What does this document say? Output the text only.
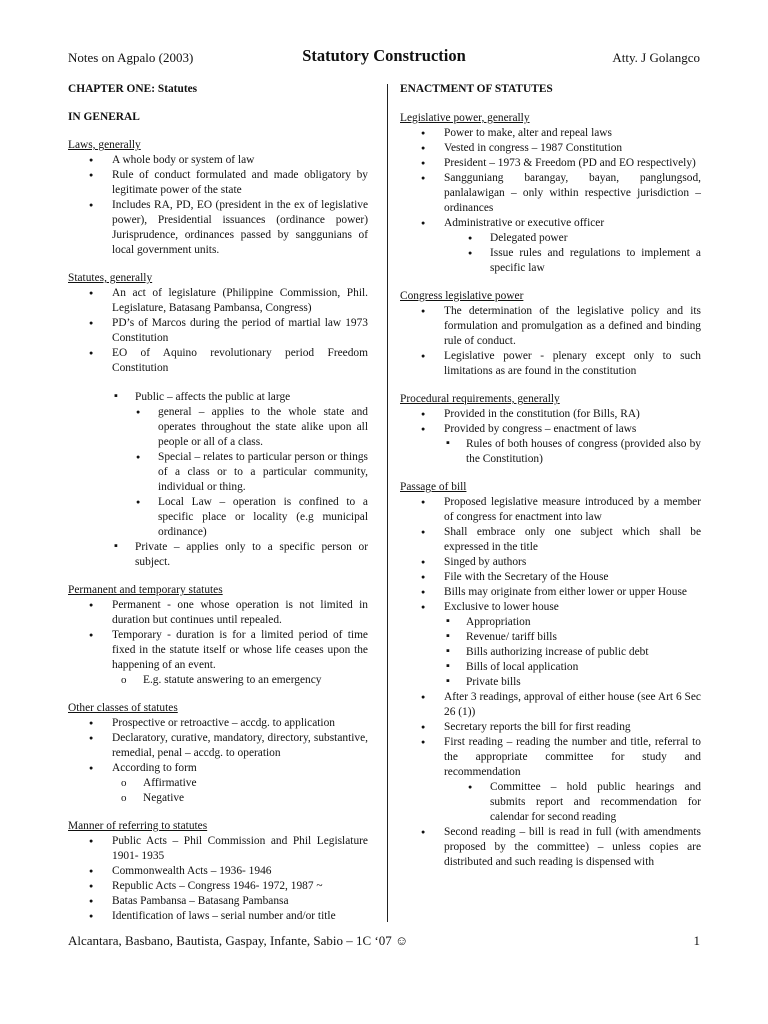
Notes on Agpalo (2003)	Statutory Construction	Atty. J Golangco

CHAPTER ONE: Statutes

IN GENERAL

Laws, generally

● A whole body or system of law
● Rule of conduct formulated and made obligatory by legitimate power of the state
● Includes RA, PD, EO (president in the ex of legislative power), Presidential issuances (ordinance power) Jurisprudence, ordinances passed by sanggunians of local government units.

Statutes, generally

● An act of legislature (Philippine Commission, Phil. Legislature, Batasang Pambansa, Congress)
● PD’s of Marcos during the period of martial law 1973 Constitution
● EO of Aquino revolutionary period Freedom Constitution
▪ Public – affects the public at large
● general – applies to the whole state and operates throughout the state alike upon all people or all of a class.
● Special – relates to particular person or things of a class or to a particular community, individual or thing.
● Local Law – operation is confined to a specific place or locality (e.g municipal ordinance)
▪ Private – applies only to a specific person or subject.

Permanent and temporary statutes

● Permanent - one whose operation is not limited in duration but continues until repealed.
● Temporary - duration is for a limited period of time fixed in the statute itself or whose life ceases upon the happening of an event.
o E.g. statute answering to an emergency

Other classes of statutes

● Prospective or retroactive – accdg. to application
● Declaratory, curative, mandatory, directory, substantive, remedial, penal – accdg. to operation
● According to form
o Affirmative
o Negative

Manner of referring to statutes

● Public Acts – Phil Commission and Phil Legislature 1901- 1935
● Commonwealth Acts – 1936- 1946
● Republic Acts – Congress 1946- 1972, 1987 ~
● Batas Pambansa – Batasang Pambansa
● Identification of laws – serial number and/or title

ENACTMENT OF STATUTES

Legislative power, generally

● Power to make, alter and repeal laws
● Vested in congress – 1987 Constitution
● President – 1973 & Freedom (PD and EO respectively)
● Sangguniang barangay, bayan, panglungsod, panlalawigan – only within respective jurisdiction – ordinances
● Administrative or executive officer
● Delegated power
● Issue rules and regulations to implement a specific law

Congress legislative power

● The determination of the legislative policy and its formulation and promulgation as a defined and binding rule of conduct.
● Legislative power - plenary except only to such limitations as are found in the constitution

Procedural requirements, generally

● Provided in the constitution (for Bills, RA)
● Provided by congress – enactment of laws
▪ Rules of both houses of congress (provided also by the Constitution)

Passage of bill

● Proposed legislative measure introduced by a member of congress for enactment into law
● Shall embrace only one subject which shall be expressed in the title
● Singed by authors
● File with the Secretary of the House
● Bills may originate from either lower or upper House
● Exclusive to lower house
▪ Appropriation
▪ Revenue/ tariff bills
▪ Bills authorizing increase of public debt
▪ Bills of local application
▪ Private bills
● After 3 readings, approval of either house (see Art 6 Sec 26 (1))
● Secretary reports the bill for first reading
● First reading – reading the number and title, referral to the appropriate committee for study and recommendation
● Committee – hold public hearings and submits report and recommendation for calendar for second reading
● Second reading – bill is read in full (with amendments proposed by the committee) – unless copies are distributed and such reading is dispensed with
Alcantara, Basbano, Bautista, Gaspay, Infante, Sabio – 1C ‘07 ☺	1
